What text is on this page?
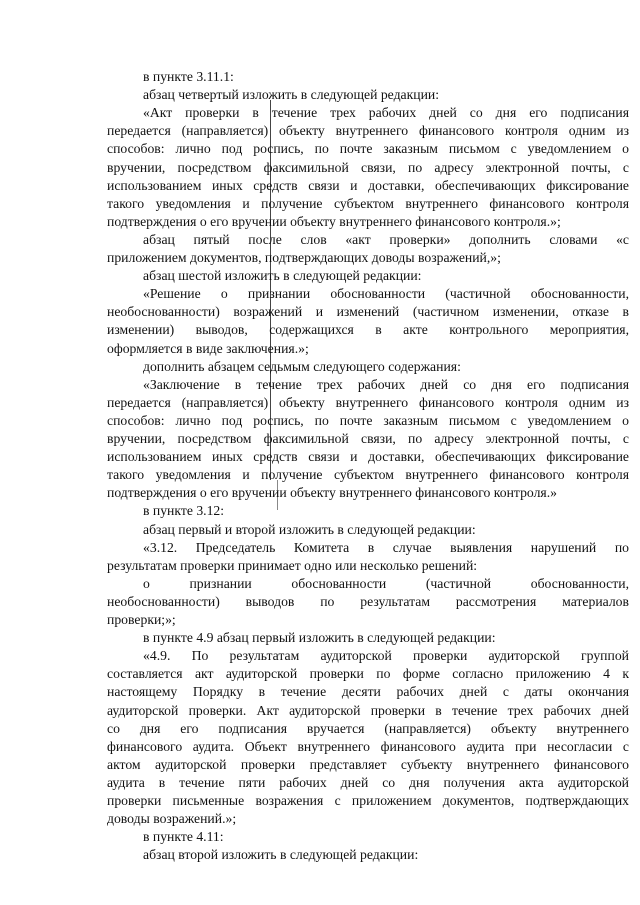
в пункте 3.11.1:
абзац четвертый изложить в следующей редакции:
«Акт проверки в течение трех рабочих дней со дня его подписания
передается (направляется) объекту внутреннего финансового контроля одним из
способов: лично под роспись, по почте заказным письмом с уведомлением о
вручении, посредством факсимильной связи, по адресу электронной почты, с
использованием иных средств связи и доставки, обеспечивающих фиксирование
такого уведомления и получение субъектом внутреннего финансового контроля
подтверждения о его вручении объекту внутреннего финансового контроля.»;
абзац пятый после слов «акт проверки» дополнить словами «с
приложением документов, подтверждающих доводы возражений,»;
абзац шестой изложить в следующей редакции:
«Решение о признании обоснованности (частичной обоснованности,
необоснованности) возражений и изменений (частичном изменении, отказе в
изменении) выводов, содержащихся в акте контрольного мероприятия,
оформляется в виде заключения.»;
дополнить абзацем седьмым следующего содержания:
«Заключение в течение трех рабочих дней со дня его подписания
передается (направляется) объекту внутреннего финансового контроля одним из
способов: лично под роспись, по почте заказным письмом с уведомлением о
вручении, посредством факсимильной связи, по адресу электронной почты, с
использованием иных средств связи и доставки, обеспечивающих фиксирование
такого уведомления и получение субъектом внутреннего финансового контроля
подтверждения о его вручении объекту внутреннего финансового контроля.»
в пункте 3.12:
абзац первый и второй изложить в следующей редакции:
«3.12. Председатель Комитета в случае выявления нарушений по
результатам проверки принимает одно или несколько решений:
о признании обоснованности (частичной обоснованности,
необоснованности) выводов по результатам рассмотрения материалов
проверки;»;
в пункте 4.9 абзац первый изложить в следующей редакции:
«4.9. По результатам аудиторской проверки аудиторской группой
составляется акт аудиторской проверки по форме согласно приложению 4 к
настоящему Порядку в течение десяти рабочих дней с даты окончания
аудиторской проверки. Акт аудиторской проверки в течение трех рабочих дней
со дня его подписания вручается (направляется) объекту внутреннего
финансового аудита. Объект внутреннего финансового аудита при несогласии с
актом аудиторской проверки представляет субъекту внутреннего финансового
аудита в течение пяти рабочих дней со дня получения акта аудиторской
проверки письменные возражения с приложением документов, подтверждающих
доводы возражений.»;
в пункте 4.11:
абзац второй изложить в следующей редакции:
